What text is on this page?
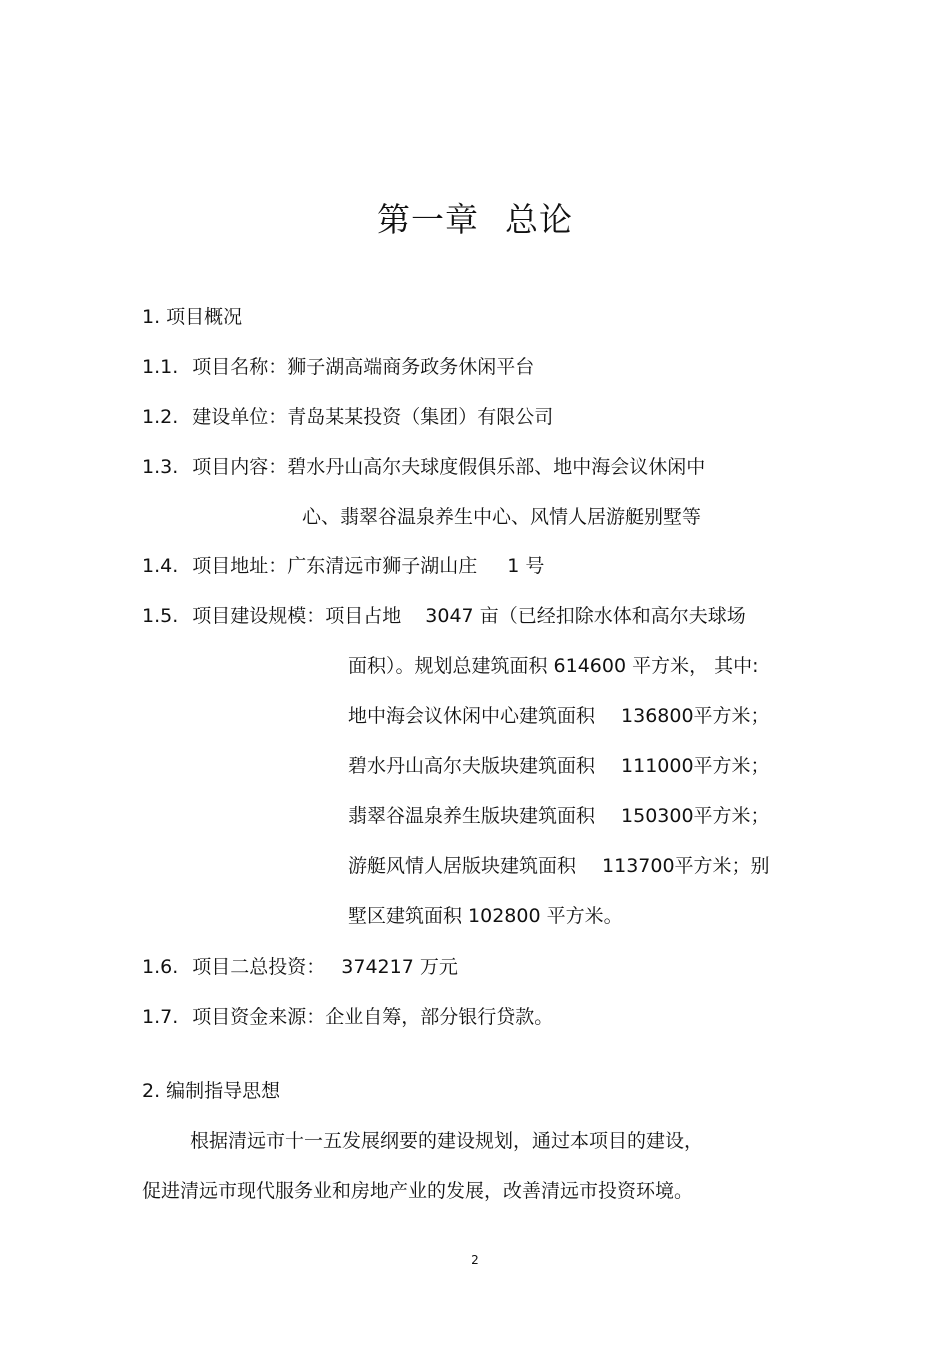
第一章 总论
1. 项目概况
1.1. 项目名称：狮子湖高端商务政务休闲平台
1.2. 建设单位：青岛某某投资（集团）有限公司
1.3. 项目内容：碧水丹山高尔夫球度假俱乐部、地中海会议休闲中
心、翡翠谷温泉养生中心、风情人居游艇别墅等
1.4. 项目地址：广东清远市狮子湖山庄 1 号
1.5. 项目建设规模：项目占地 3047 亩（已经扣除水体和高尔夫球场
面积）。规划总建筑面积 614600 平方米， 其中:
地中海会议休闲中心建筑面积 136800平方米；
碧水丹山高尔夫版块建筑面积 111000平方米；
翡翠谷温泉养生版块建筑面积 150300平方米；
游艇风情人居版块建筑面积 113700平方米；别
墅区建筑面积 102800 平方米。
1.6. 项目二总投资： 374217 万元
1.7. 项目资金来源：企业自筹，部分银行贷款。
2. 编制指导思想
根据清远市十一五发展纲要的建设规划，通过本项目的建设，
促进清远市现代服务业和房地产业的发展，改善清远市投资环境。
2
